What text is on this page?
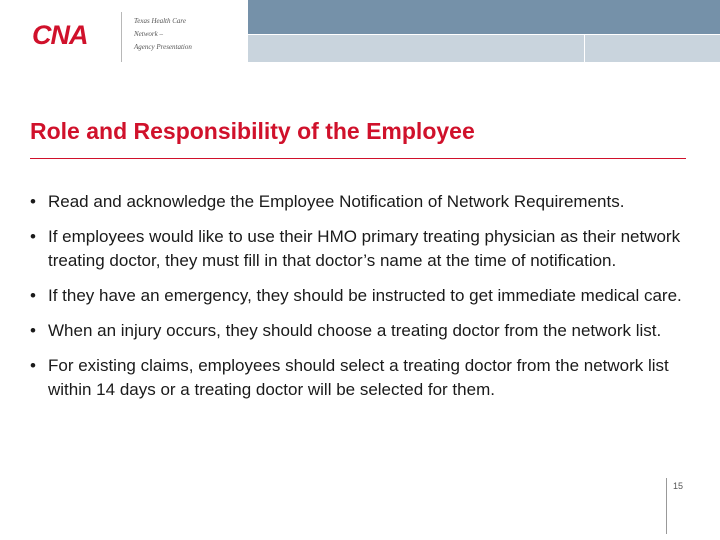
CNA	Texas Health Care
Network –
Agency Presentation
Role and Responsibility of the Employee
• Read and acknowledge the Employee Notification of Network Requirements.
• If employees would like to use their HMO primary treating physician as their network treating doctor, they must fill in that doctor’s name at the time of notification.
• If they have an emergency, they should be instructed to get immediate medical care.
• When an injury occurs, they should choose a treating doctor from the network list.
• For existing claims, employees should select a treating doctor from the network list within 14 days or a treating doctor will be selected for them.
15
